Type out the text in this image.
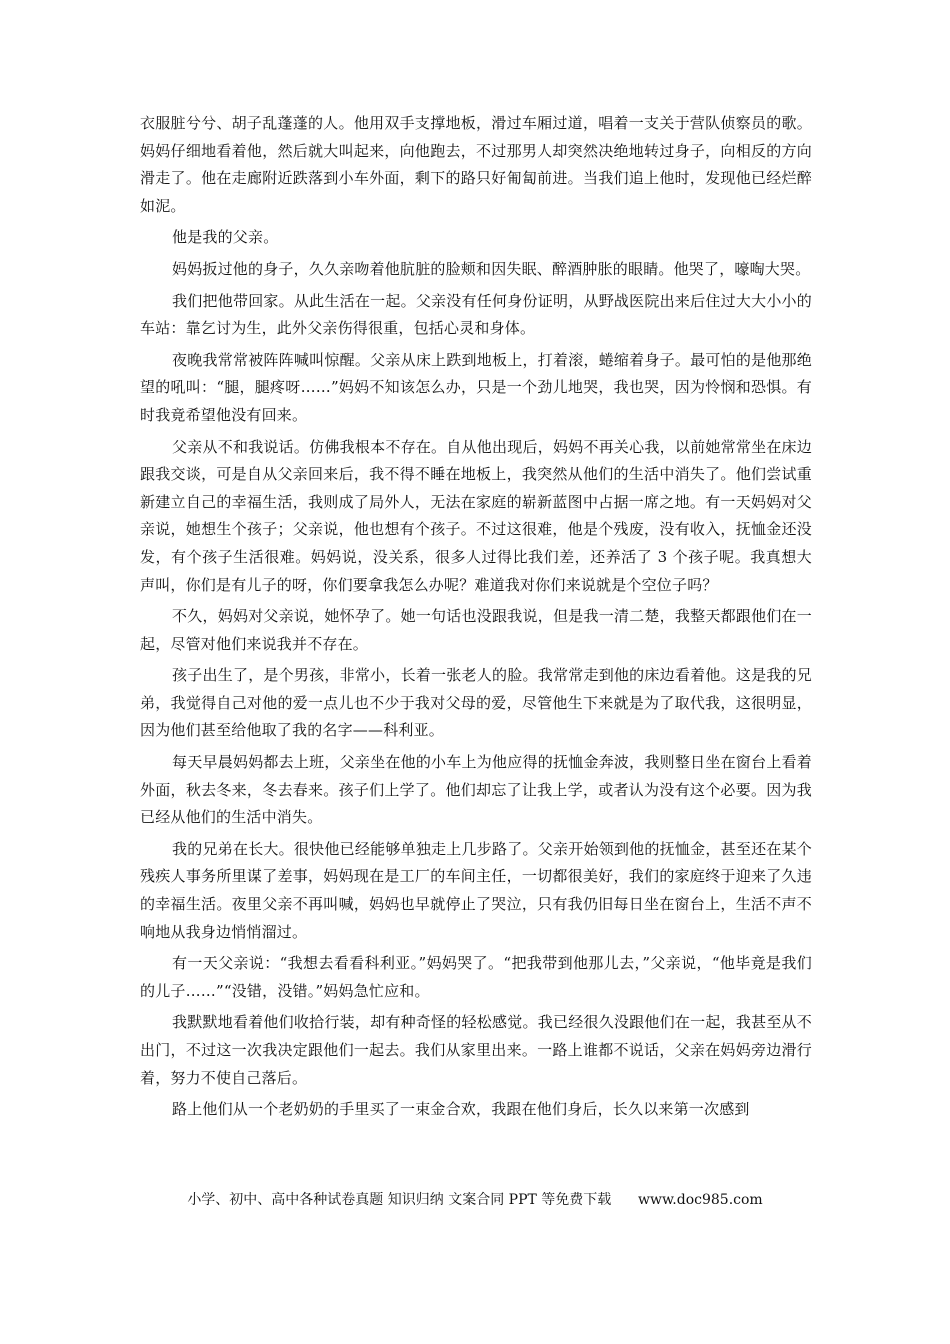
衣服脏兮兮、胡子乱蓬蓬的人。他用双手支撑地板，滑过车厢过道，唱着一支关于营队侦察员的歌。妈妈仔细地看着他，然后就大叫起来，向他跑去，不过那男人却突然决绝地转过身子，向相反的方向滑走了。他在走廊附近跌落到小车外面，剩下的路只好匍匐前进。当我们追上他时，发现他已经烂醉如泥。

他是我的父亲。

妈妈扳过他的身子，久久亲吻着他肮脏的脸颊和因失眠、醉酒肿胀的眼睛。他哭了，嚎啕大哭。

我们把他带回家。从此生活在一起。父亲没有任何身份证明，从野战医院出来后住过大大小小的车站：靠乞讨为生，此外父亲伤得很重，包括心灵和身体。

夜晚我常常被阵阵喊叫惊醒。父亲从床上跌到地板上，打着滚，蜷缩着身子。最可怕的是他那绝望的吼叫：“腿，腿疼呀……”妈妈不知该怎么办，只是一个劲儿地哭，我也哭，因为怜悯和恐惧。有时我竟希望他没有回来。

父亲从不和我说话。仿佛我根本不存在。自从他出现后，妈妈不再关心我，以前她常常坐在床边跟我交谈，可是自从父亲回来后，我不得不睡在地板上，我突然从他们的生活中消失了。他们尝试重新建立自己的幸福生活，我则成了局外人，无法在家庭的崭新蓝图中占据一席之地。有一天妈妈对父亲说，她想生个孩子；父亲说，他也想有个孩子。不过这很难，他是个残废，没有收入，抚恤金还没发，有个孩子生活很难。妈妈说，没关系，很多人过得比我们差，还养活了 3 个孩子呢。我真想大声叫，你们是有儿子的呀，你们要拿我怎么办呢？难道我对你们来说就是个空位子吗？

不久，妈妈对父亲说，她怀孕了。她一句话也没跟我说，但是我一清二楚，我整天都跟他们在一起，尽管对他们来说我并不存在。

孩子出生了，是个男孩，非常小，长着一张老人的脸。我常常走到他的床边看着他。这是我的兄弟，我觉得自己对他的爱一点儿也不少于我对父母的爱，尽管他生下来就是为了取代我，这很明显，因为他们甚至给他取了我的名字——科利亚。

每天早晨妈妈都去上班，父亲坐在他的小车上为他应得的抚恤金奔波，我则整日坐在窗台上看着外面，秋去冬来，冬去春来。孩子们上学了。他们却忘了让我上学，或者认为没有这个必要。因为我已经从他们的生活中消失。

我的兄弟在长大。很快他已经能够单独走上几步路了。父亲开始领到他的抚恤金，甚至还在某个残疾人事务所里谋了差事，妈妈现在是工厂的车间主任，一切都很美好，我们的家庭终于迎来了久违的幸福生活。夜里父亲不再叫喊，妈妈也早就停止了哭泣，只有我仍旧每日坐在窗台上，生活不声不响地从我身边悄悄溜过。

有一天父亲说：“我想去看看科利亚。”妈妈哭了。“把我带到他那儿去，”父亲说，“他毕竟是我们的儿子……”“没错，没错。”妈妈急忙应和。

我默默地看着他们收拾行装，却有种奇怪的轻松感觉。我已经很久没跟他们在一起，我甚至从不出门，不过这一次我决定跟他们一起去。我们从家里出来。一路上谁都不说话，父亲在妈妈旁边滑行着，努力不使自己落后。

路上他们从一个老奶奶的手里买了一束金合欢，我跟在他们身后，长久以来第一次感到

小学、初中、高中各种试卷真题 知识归纳 文案合同 PPT 等免费下载 www.doc985.com
